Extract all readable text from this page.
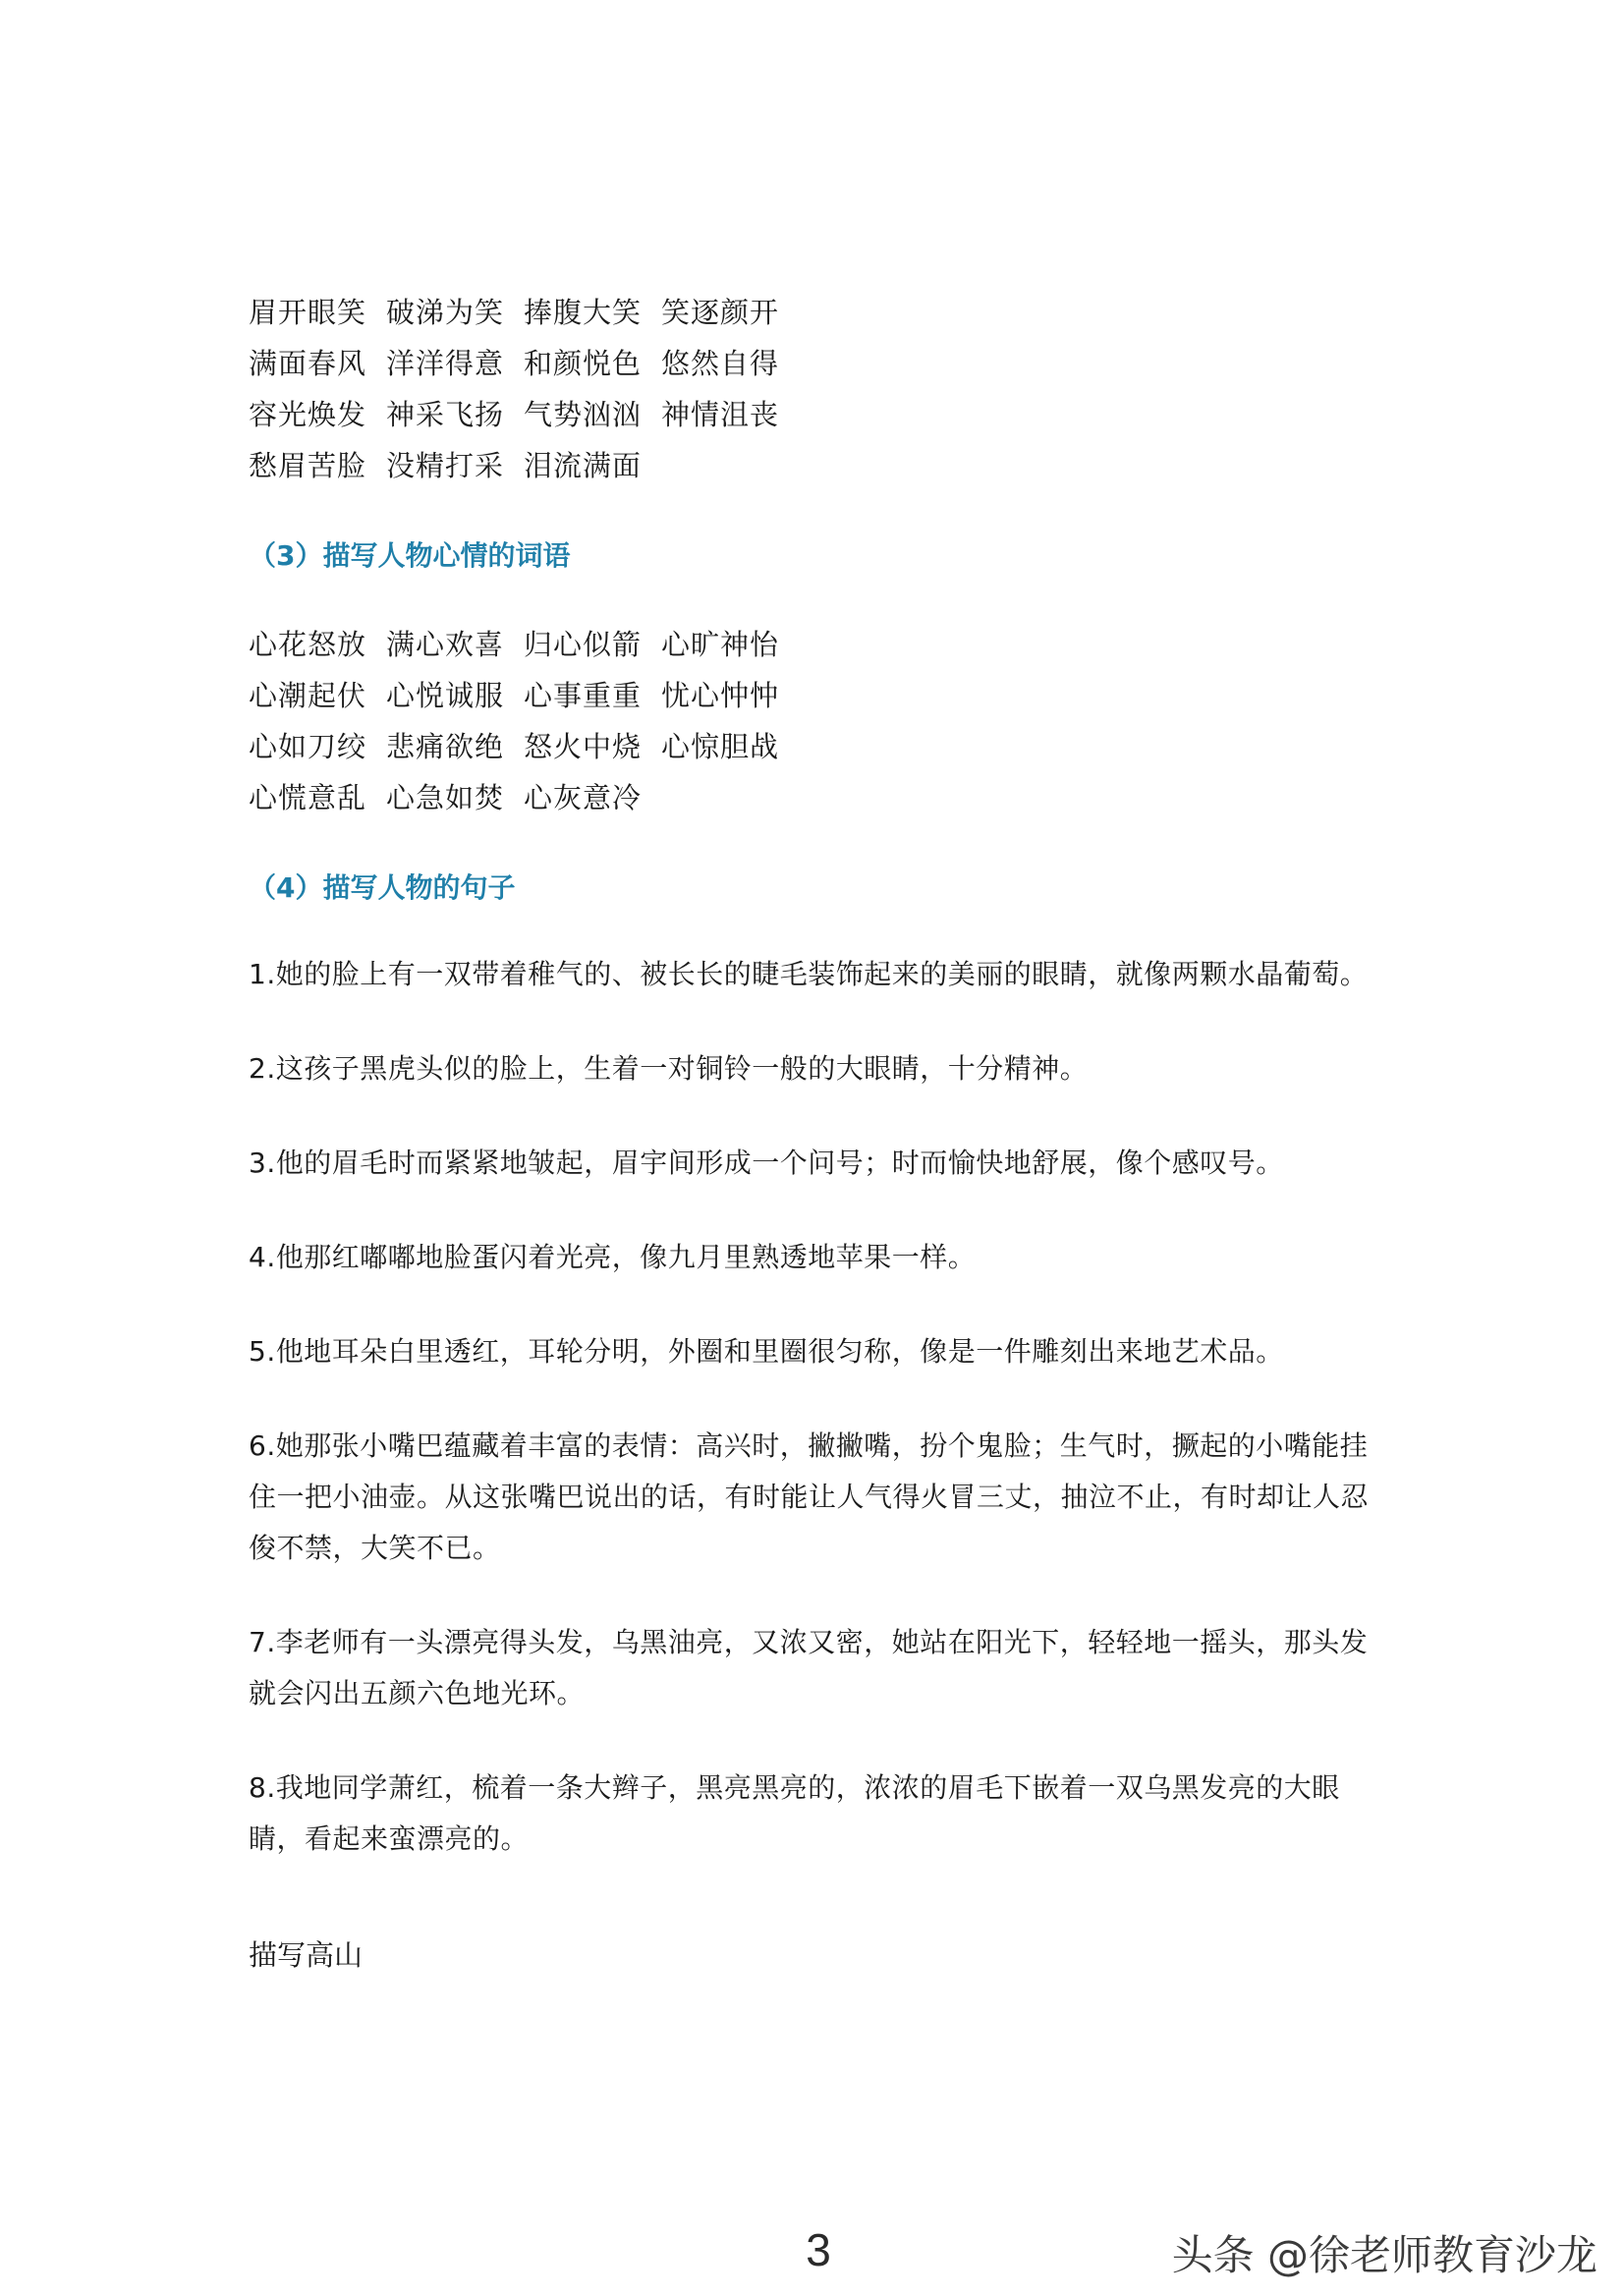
眉开眼笑 破涕为笑 捧腹大笑 笑逐颜开
满面春风 洋洋得意 和颜悦色 悠然自得
容光焕发 神采飞扬 气势汹汹 神情沮丧
愁眉苦脸 没精打采 泪流满面
（3）描写人物心情的词语
心花怒放 满心欢喜 归心似箭 心旷神怡
心潮起伏 心悦诚服 心事重重 忧心忡忡
心如刀绞 悲痛欲绝 怒火中烧 心惊胆战
心慌意乱 心急如焚 心灰意冷
（4）描写人物的句子
1.她的脸上有一双带着稚气的、被长长的睫毛装饰起来的美丽的眼睛，就像两颗水晶葡萄。
2.这孩子黑虎头似的脸上，生着一对铜铃一般的大眼睛，十分精神。
3.他的眉毛时而紧紧地皱起，眉宇间形成一个问号；时而愉快地舒展，像个感叹号。
4.他那红嘟嘟地脸蛋闪着光亮，像九月里熟透地苹果一样。
5.他地耳朵白里透红，耳轮分明，外圈和里圈很匀称，像是一件雕刻出来地艺术品。
6.她那张小嘴巴蕴藏着丰富的表情：高兴时，撇撇嘴，扮个鬼脸；生气时，撅起的小嘴能挂住一把小油壶。从这张嘴巴说出的话，有时能让人气得火冒三丈，抽泣不止，有时却让人忍俊不禁，大笑不已。
7.李老师有一头漂亮得头发，乌黑油亮，又浓又密，她站在阳光下，轻轻地一摇头，那头发就会闪出五颜六色地光环。
8.我地同学萧红，梳着一条大辫子，黑亮黑亮的，浓浓的眉毛下嵌着一双乌黑发亮的大眼睛，看起来蛮漂亮的。
描写高山
3	头条 @徐老师教育沙龙
